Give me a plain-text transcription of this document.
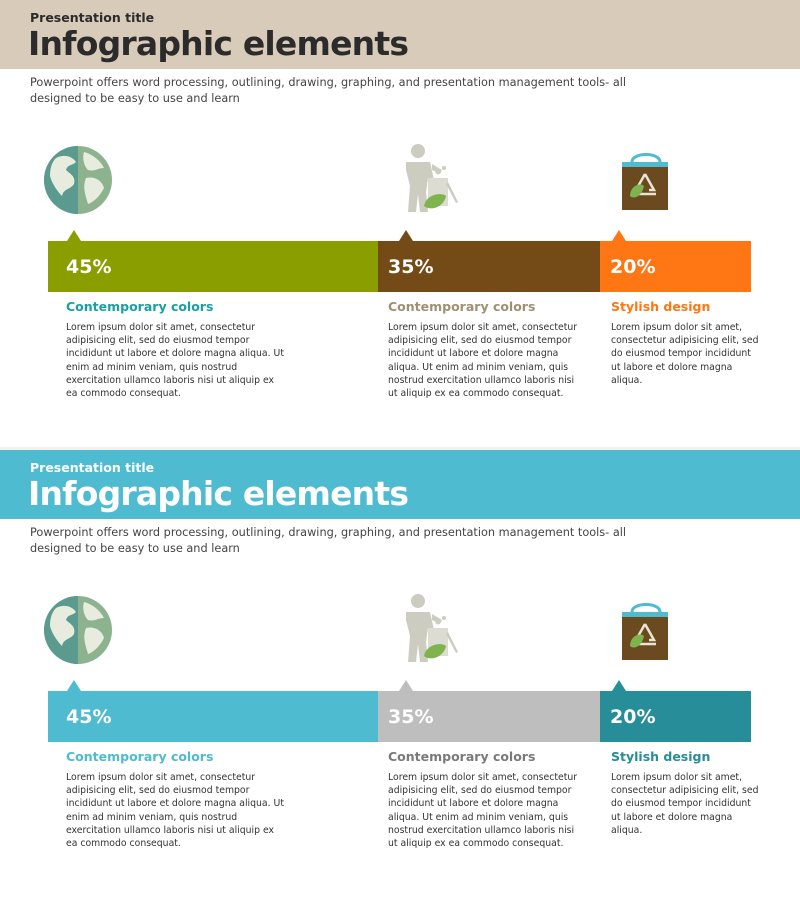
Presentation title
Infographic elements
Powerpoint offers word processing, outlining, drawing, graphing, and presentation management tools- all designed to be easy to use and learn
45%	35%	20%
Contemporary colors
Lorem ipsum dolor sit amet, consectetur adipisicing elit, sed do eiusmod tempor incididunt ut labore et dolore magna aliqua. Ut enim ad minim veniam, quis nostrud exercitation ullamco laboris nisi ut aliquip ex ea commodo consequat.
Contemporary colors
Lorem ipsum dolor sit amet, consectetur adipisicing elit, sed do eiusmod tempor incididunt ut labore et dolore magna aliqua. Ut enim ad minim veniam, quis nostrud exercitation ullamco laboris nisi ut aliquip ex ea commodo consequat.
Stylish design
Lorem ipsum dolor sit amet, consectetur adipisicing elit, sed do eiusmod tempor incididunt ut labore et dolore magna aliqua.
Presentation title
Infographic elements
Powerpoint offers word processing, outlining, drawing, graphing, and presentation management tools- all designed to be easy to use and learn
45%	35%	20%
Contemporary colors
Lorem ipsum dolor sit amet, consectetur adipisicing elit, sed do eiusmod tempor incididunt ut labore et dolore magna aliqua. Ut enim ad minim veniam, quis nostrud exercitation ullamco laboris nisi ut aliquip ex ea commodo consequat.
Contemporary colors
Lorem ipsum dolor sit amet, consectetur adipisicing elit, sed do eiusmod tempor incididunt ut labore et dolore magna aliqua. Ut enim ad minim veniam, quis nostrud exercitation ullamco laboris nisi ut aliquip ex ea commodo consequat.
Stylish design
Lorem ipsum dolor sit amet, consectetur adipisicing elit, sed do eiusmod tempor incididunt ut labore et dolore magna aliqua.
